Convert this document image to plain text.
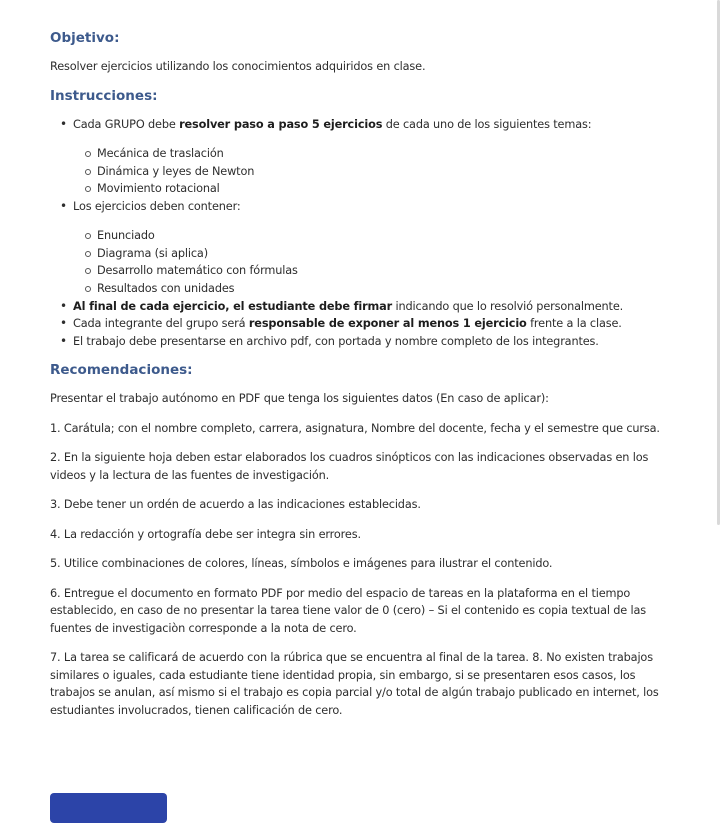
Objetivo:

Resolver ejercicios utilizando los conocimientos adquiridos en clase.

Instrucciones:
• Cada GRUPO debe resolver paso a paso 5 ejercicios de cada uno de los siguientes temas:
Mecánica de traslación
Dinámica y leyes de Newton
Movimiento rotacional
• Los ejercicios deben contener:
Enunciado
Diagrama (si aplica)
Desarrollo matemático con fórmulas
Resultados con unidades
• Al final de cada ejercicio, el estudiante debe firmar indicando que lo resolvió personalmente.
• Cada integrante del grupo será responsable de exponer al menos 1 ejercicio frente a la clase.
• El trabajo debe presentarse en archivo pdf, con portada y nombre completo de los integrantes.
Recomendaciones:

Presentar el trabajo autónomo en PDF que tenga los siguientes datos (En caso de aplicar):

1. Carátula; con el nombre completo, carrera, asignatura, Nombre del docente, fecha y el semestre que cursa.

2. En la siguiente hoja deben estar elaborados los cuadros sinópticos con las indicaciones observadas en los videos y la lectura de las fuentes de investigación.

3. Debe tener un ordén de acuerdo a las indicaciones establecidas.

4. La redacción y ortografía debe ser integra sin errores.

5. Utilice combinaciones de colores, líneas, símbolos e imágenes para ilustrar el contenido.

6. Entregue el documento en formato PDF por medio del espacio de tareas en la plataforma en el tiempo establecido, en caso de no presentar la tarea tiene valor de 0 (cero) – Si el contenido es copia textual de las fuentes de investigaciòn corresponde a la nota de cero.

7. La tarea se calificará de acuerdo con la rúbrica que se encuentra al final de la tarea. 8. No existen trabajos similares o iguales, cada estudiante tiene identidad propia, sin embargo, si se presentaren esos casos, los trabajos se anulan, así mismo si el trabajo es copia parcial y/o total de algún trabajo publicado en internet, los estudiantes involucrados, tienen calificación de cero.
